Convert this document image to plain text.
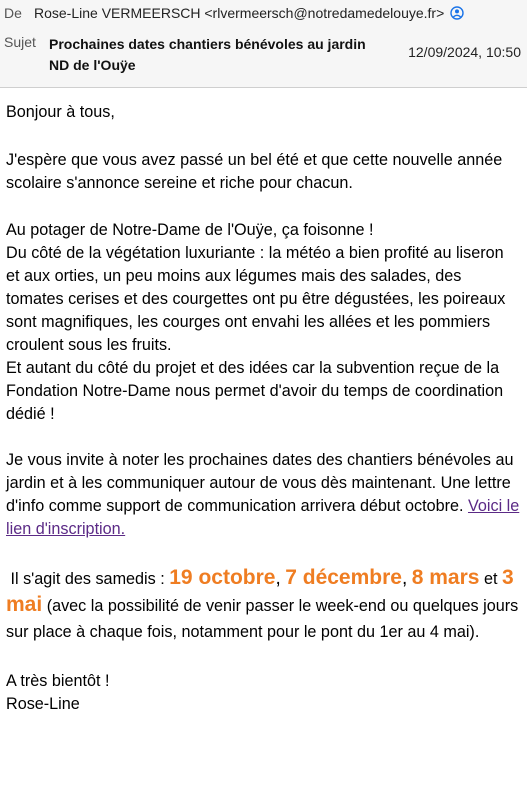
De Rose-Line VERMEERSCH <rlvermeersch@notredamedelouye.fr>
Sujet Prochaines dates chantiers bénévoles au jardin ND de l'Ouÿe
12/09/2024, 10:50

Bonjour à tous,

J'espère que vous avez passé un bel été et que cette nouvelle année scolaire s'annonce sereine et riche pour chacun.

Au potager de Notre-Dame de l'Ouÿe, ça foisonne !

Du côté de la végétation luxuriante : la météo a bien profité au liseron et aux orties, un peu moins aux légumes mais des salades, des tomates cerises et des courgettes ont pu être dégustées, les poireaux sont magnifiques, les courges ont envahi les allées et les pommiers croulent sous les fruits.

Et autant du côté du projet et des idées car la subvention reçue de la Fondation Notre-Dame nous permet d'avoir du temps de coordination dédié !

Je vous invite à noter les prochaines dates des chantiers bénévoles au jardin et à les communiquer autour de vous dès maintenant. Une lettre d'info comme support de communication arrivera début octobre. Voici le lien d'inscription.

Il s'agit des samedis : 19 octobre, 7 décembre, 8 mars et 3 mai (avec la possibilité de venir passer le week-end ou quelques jours sur place à chaque fois, notamment pour le pont du 1er au 4 mai).

A très bientôt !

Rose-Line
